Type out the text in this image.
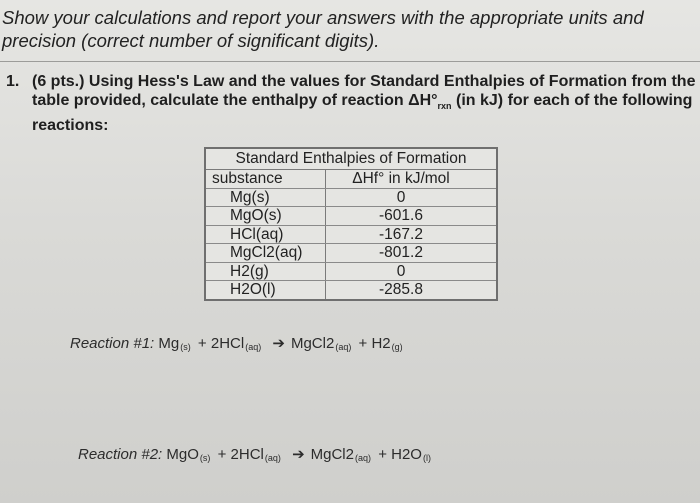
Show your calculations and report your answers with the appropriate units and
precision (correct number of significant digits).
1. (6 pts.) Using Hess's Law and the values for Standard Enthalpies of Formation from the
table provided, calculate the enthalpy of reaction $\Delta H^\circ_{rxn}$ (in kJ) for each of the following
reactions:
Standard Enthalpies of Formation
substance	ΔHf° in kJ/mol
Mg(s)	0
MgO(s)	-601.6
HCl(aq)	-167.2
MgCl2(aq)	-801.2
H2(g)	0
H2O(l)	-285.8
Reaction #1: Mg(s) + 2HCl(aq) ➔ MgCl2(aq) + H2(g)
Reaction #2: MgO(s) + 2HCl(aq) ➔ MgCl2(aq) + H2O(l)
